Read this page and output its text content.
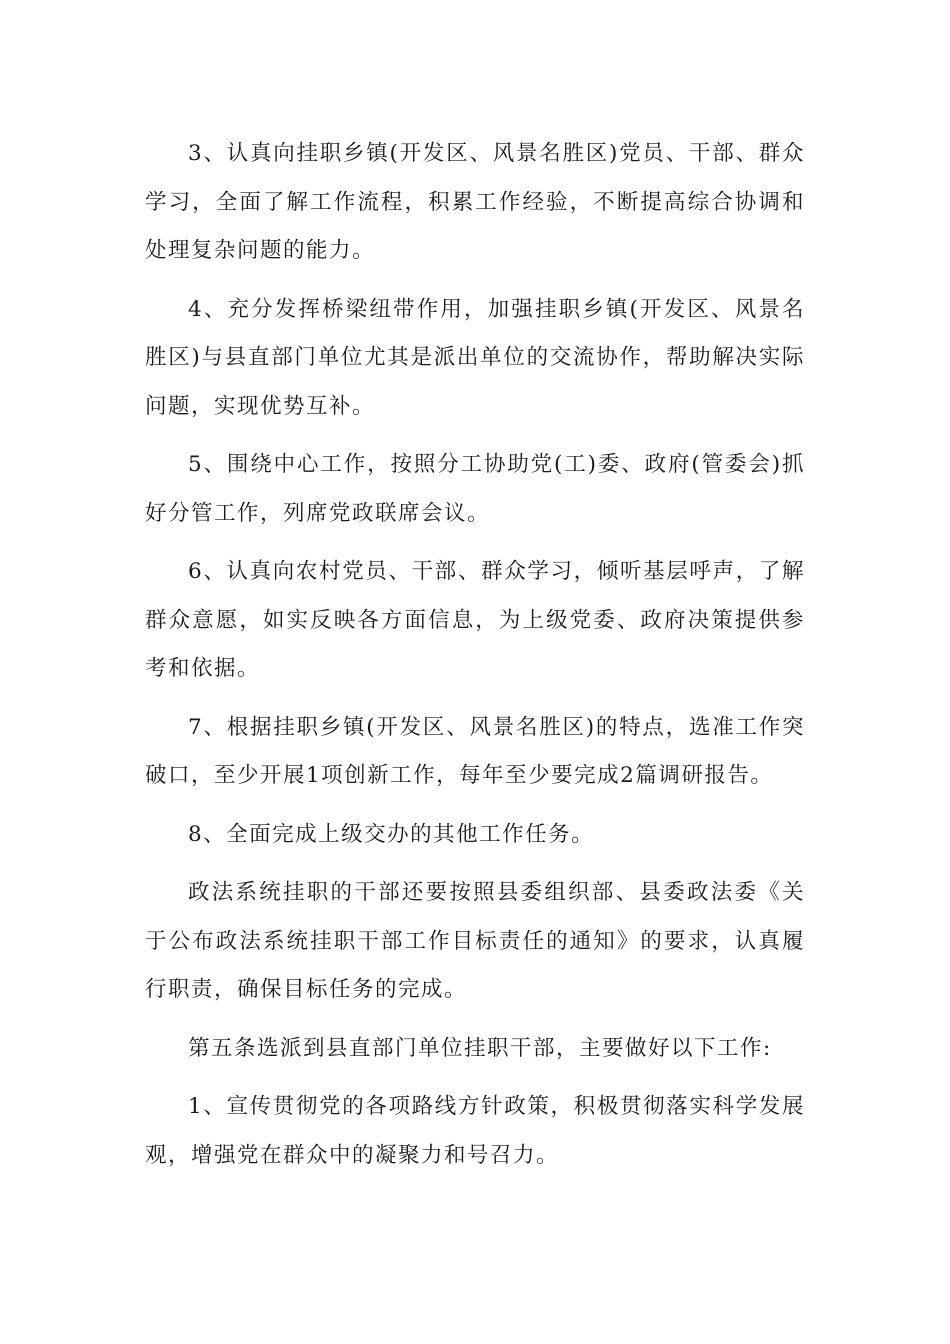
3、认真向挂职乡镇(开发区、风景名胜区)党员、干部、群众学习，全面了解工作流程，积累工作经验，不断提高综合协调和处理复杂问题的能力。

4、充分发挥桥梁纽带作用，加强挂职乡镇(开发区、风景名胜区)与县直部门单位尤其是派出单位的交流协作，帮助解决实际问题，实现优势互补。

5、围绕中心工作，按照分工协助党(工)委、政府(管委会)抓好分管工作，列席党政联席会议。

6、认真向农村党员、干部、群众学习，倾听基层呼声，了解群众意愿，如实反映各方面信息，为上级党委、政府决策提供参考和依据。

7、根据挂职乡镇(开发区、风景名胜区)的特点，选准工作突破口，至少开展1项创新工作，每年至少要完成2篇调研报告。

8、全面完成上级交办的其他工作任务。

政法系统挂职的干部还要按照县委组织部、县委政法委《关于公布政法系统挂职干部工作目标责任的通知》的要求，认真履行职责，确保目标任务的完成。

第五条选派到县直部门单位挂职干部，主要做好以下工作:

1、宣传贯彻党的各项路线方针政策，积极贯彻落实科学发展观，增强党在群众中的凝聚力和号召力。
